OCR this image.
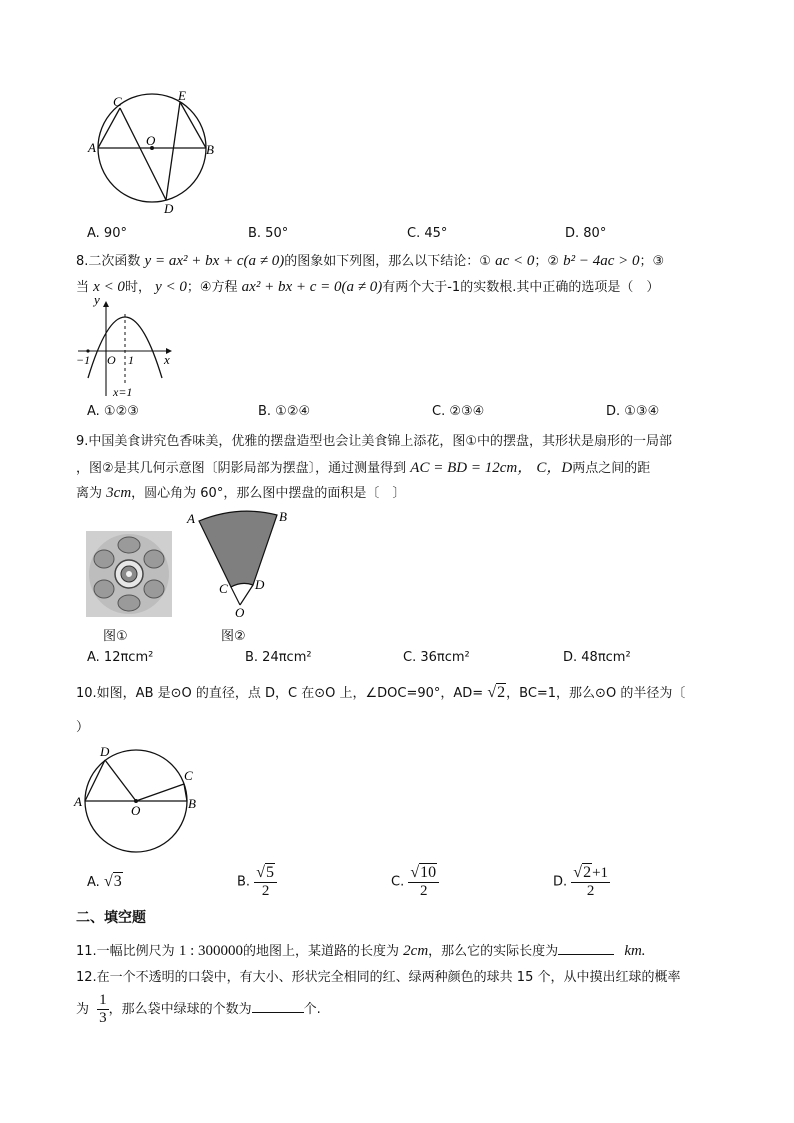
C	E
O
A	B
D
A. 90°	B. 50°	C. 45°	D. 80°
8.二次函数 y = ax² + bx + c(a ≠ 0)的图象如下列图，那么以下结论：① ac < 0；② b² − 4ac > 0；③
当 x < 0时， y < 0；④方程 ax² + bx + c = 0(a ≠ 0)有两个大于-1的实数根.其中正确的选项是（　）
y
x
−1 O 1
x=1
A. ①②③	B. ①②④	C. ②③④	D. ①③④
9.中国美食讲究色香味美，优雅的摆盘造型也会让美食锦上添花，图①中的摆盘，其形状是扇形的一局部
，图②是其几何示意图〔阴影局部为摆盘〕，通过测量得到 AC = BD = 12cm， C，D两点之间的距
离为 3cm，圆心角为 60°，那么图中摆盘的面积是〔　〕
图①
A	B
C D
O
图②
A. 12πcm²	B. 24πcm²	C. 36πcm²	D. 48πcm²
10.如图，AB 是⊙O 的直径，点 D，C 在⊙O 上，∠DOC=90°，AD= √2，BC=1，那么⊙O 的半径为〔
）
D
C
A	B
O
A. √3	B. $\frac{√5}{2}$	C. $\frac{√10}{2}$	D. $\frac{√2+1}{2}$
二、填空题
11.一幅比例尺为 1 : 300000的地图上，某道路的长度为 2cm，那么它的实际长度为	km.
12.在一个不透明的口袋中，有大小、形状完全相同的红、绿两种颜色的球共 15 个，从中摸出红球的概率
为 $\frac{1}{3}$ ，那么袋中绿球的个数为	个.
